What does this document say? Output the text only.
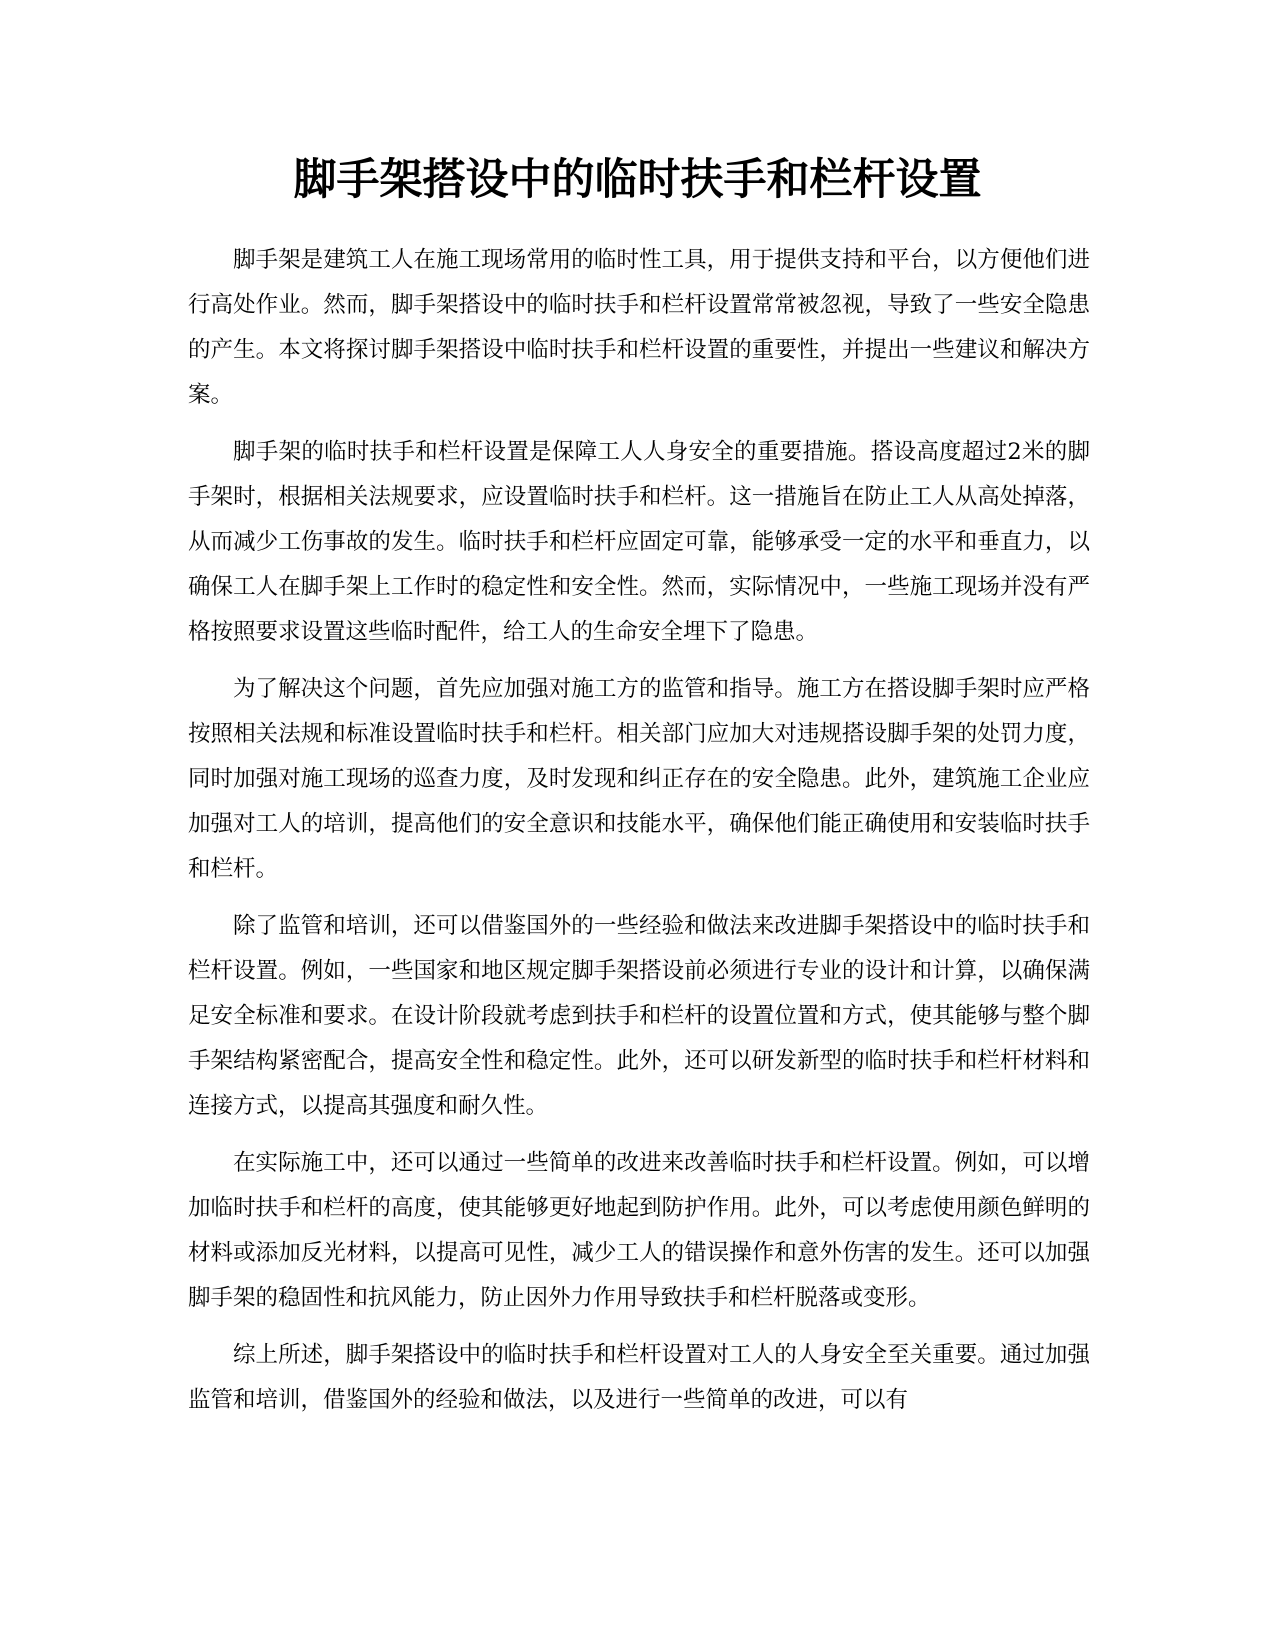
脚手架搭设中的临时扶手和栏杆设置

脚手架是建筑工人在施工现场常用的临时性工具，用于提供支持和平台，以方便他们进行高处作业。然而，脚手架搭设中的临时扶手和栏杆设置常常被忽视，导致了一些安全隐患的产生。本文将探讨脚手架搭设中临时扶手和栏杆设置的重要性，并提出一些建议和解决方案。

脚手架的临时扶手和栏杆设置是保障工人人身安全的重要措施。搭设高度超过2米的脚手架时，根据相关法规要求，应设置临时扶手和栏杆。这一措施旨在防止工人从高处掉落，从而减少工伤事故的发生。临时扶手和栏杆应固定可靠，能够承受一定的水平和垂直力，以确保工人在脚手架上工作时的稳定性和安全性。然而，实际情况中，一些施工现场并没有严格按照要求设置这些临时配件，给工人的生命安全埋下了隐患。

为了解决这个问题，首先应加强对施工方的监管和指导。施工方在搭设脚手架时应严格按照相关法规和标准设置临时扶手和栏杆。相关部门应加大对违规搭设脚手架的处罚力度，同时加强对施工现场的巡查力度，及时发现和纠正存在的安全隐患。此外，建筑施工企业应加强对工人的培训，提高他们的安全意识和技能水平，确保他们能正确使用和安装临时扶手和栏杆。

除了监管和培训，还可以借鉴国外的一些经验和做法来改进脚手架搭设中的临时扶手和栏杆设置。例如，一些国家和地区规定脚手架搭设前必须进行专业的设计和计算，以确保满足安全标准和要求。在设计阶段就考虑到扶手和栏杆的设置位置和方式，使其能够与整个脚手架结构紧密配合，提高安全性和稳定性。此外，还可以研发新型的临时扶手和栏杆材料和连接方式，以提高其强度和耐久性。

在实际施工中，还可以通过一些简单的改进来改善临时扶手和栏杆设置。例如，可以增加临时扶手和栏杆的高度，使其能够更好地起到防护作用。此外，可以考虑使用颜色鲜明的材料或添加反光材料，以提高可见性，减少工人的错误操作和意外伤害的发生。还可以加强脚手架的稳固性和抗风能力，防止因外力作用导致扶手和栏杆脱落或变形。

综上所述，脚手架搭设中的临时扶手和栏杆设置对工人的人身安全至关重要。通过加强监管和培训，借鉴国外的经验和做法，以及进行一些简单的改进，可以有
